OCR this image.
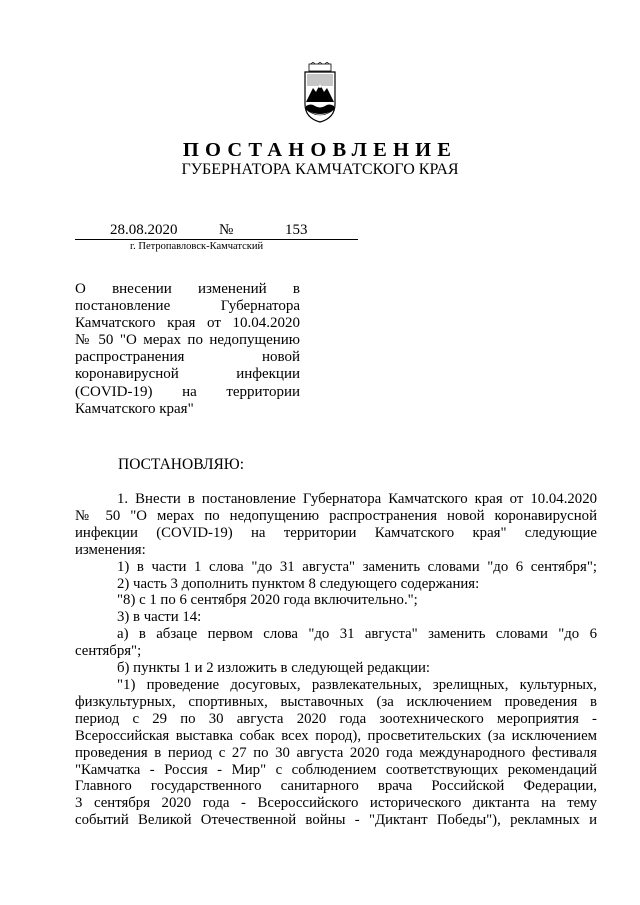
ПОСТАНОВЛЕНИЕ
ГУБЕРНАТОРА КАМЧАТСКОГО КРАЯ
28.08.2020	№	153
г. Петропавловск-Камчатский

О внесении изменений в

постановление Губернатора

Камчатского края от 10.04.2020

№ 50 "О мерах по недопущению

распространения новой

коронавирусной инфекции

(COVID-19) на территории

Камчатского края"

ПОСТАНОВЛЯЮ:

1. Внести в постановление Губернатора Камчатского края от 10.04.2020

№ 50 "О мерах по недопущению распространения новой коронавирусной

инфекции (COVID-19) на территории Камчатского края" следующие

изменения:

1) в части 1 слова "до 31 августа" заменить словами "до 6 сентября";

2) часть 3 дополнить пунктом 8 следующего содержания:

"8) с 1 по 6 сентября 2020 года включительно.";

3) в части 14:

а) в абзаце первом слова "до 31 августа" заменить словами "до 6

сентября";

б) пункты 1 и 2 изложить в следующей редакции:

"1) проведение досуговых, развлекательных, зрелищных, культурных,

физкультурных, спортивных, выставочных (за исключением проведения в

период с 29 по 30 августа 2020 года зоотехнического мероприятия -

Всероссийская выставка собак всех пород), просветительских (за исключением

проведения в период с 27 по 30 августа 2020 года международного фестиваля

"Камчатка - Россия - Мир" с соблюдением соответствующих рекомендаций

Главного государственного санитарного врача Российской Федерации,

3 сентября 2020 года - Всероссийского исторического диктанта на тему

событий Великой Отечественной войны - "Диктант Победы"), рекламных и
